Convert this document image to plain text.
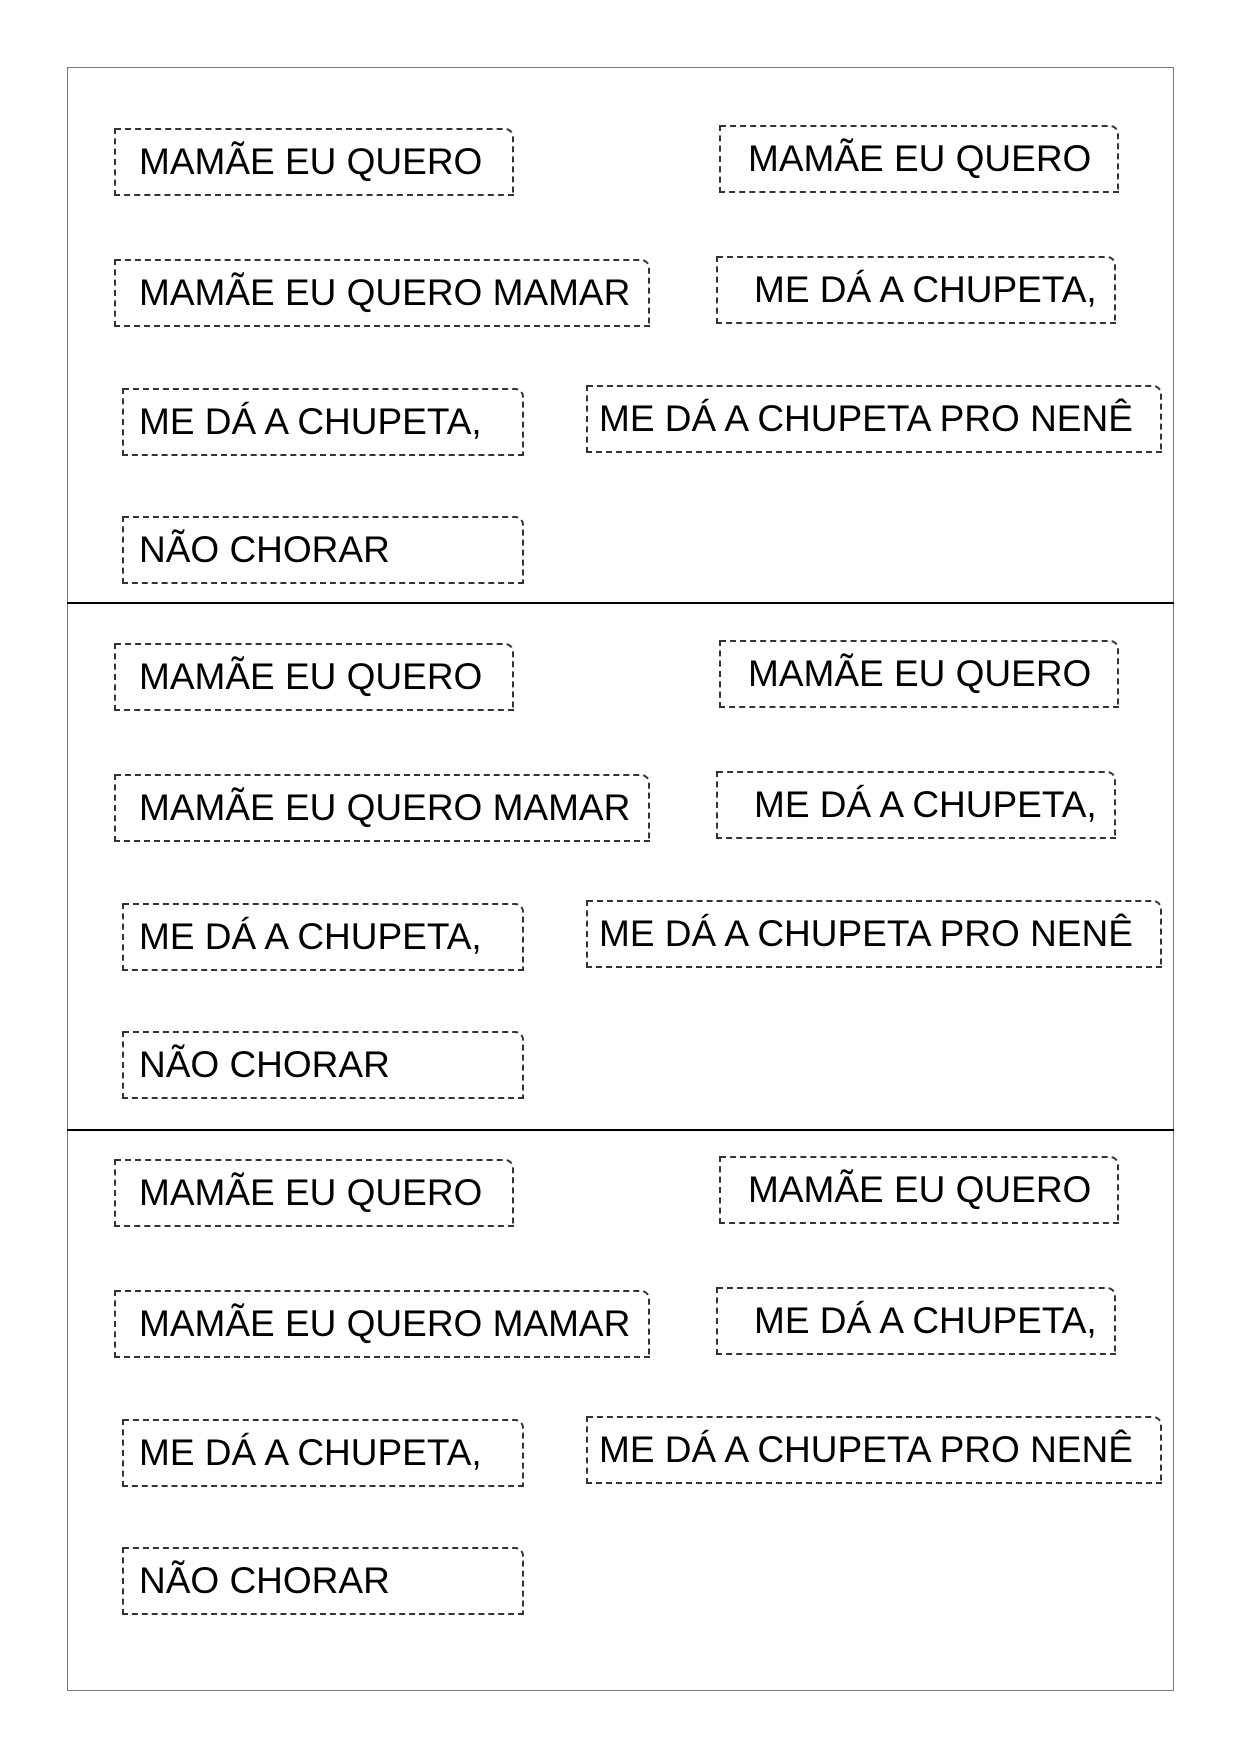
MAMÃE EU QUERO	MAMÃE EU QUERO
MAMÃE EU QUERO MAMAR	ME DÁ A CHUPETA,
ME DÁ A CHUPETA,	ME DÁ A CHUPETA PRO NENÊ
NÃO CHORAR
MAMÃE EU QUERO	MAMÃE EU QUERO
MAMÃE EU QUERO MAMAR	ME DÁ A CHUPETA,
ME DÁ A CHUPETA,	ME DÁ A CHUPETA PRO NENÊ
NÃO CHORAR
MAMÃE EU QUERO	MAMÃE EU QUERO
MAMÃE EU QUERO MAMAR	ME DÁ A CHUPETA,
ME DÁ A CHUPETA,	ME DÁ A CHUPETA PRO NENÊ
NÃO CHORAR
